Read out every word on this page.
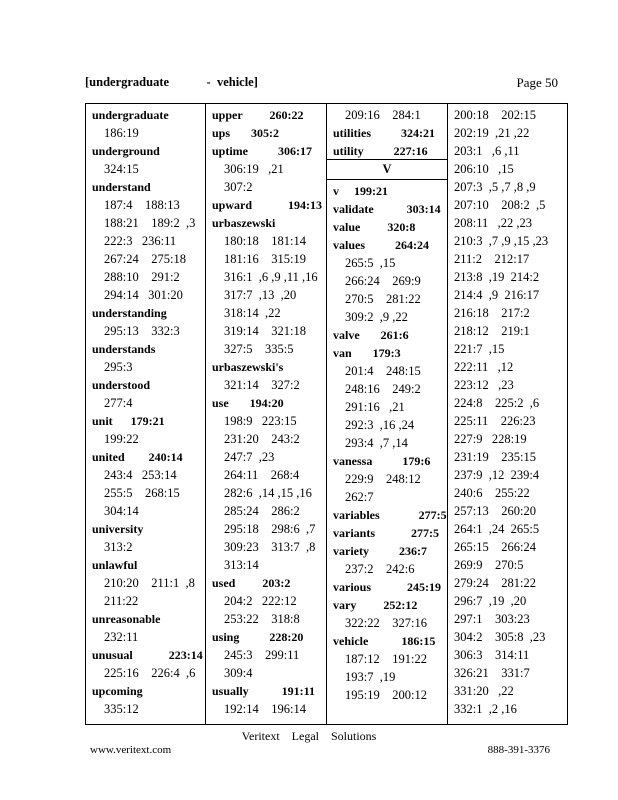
[undergraduate            -  vehicle]	Page 50
undergraduate
186:19
underground
324:15
understand
187:4    188:13
188:21    189:2  ,3
222:3   236:11
267:24    275:18
288:10    291:2
294:14   301:20
understanding
295:13    332:3
understands
295:3
understood
277:4
unit      179:21
199:22
united        240:14
243:4   253:14
255:5    268:15
304:14
university
313:2
unlawful
210:20    211:1  ,8
211:22
unreasonable
232:11
unusual            223:14
225:16    226:4  ,6
upcoming
335:12
upper         260:22
ups       305:2
uptime          306:17
306:19   ,21
307:2
upward            194:13
urbaszewski
180:18    181:14
181:16    315:19
316:1  ,6 ,9 ,11 ,16
317:7  ,13  ,20
318:14  ,22
319:14    321:18
327:5    335:5
urbaszewski's
321:14    327:2
use       194:20
198:9   223:15
231:20    243:2
247:7  ,23
264:11    268:4
282:6  ,14 ,15 ,16
285:24    286:2
295:18    298:6  ,7
309:23    313:7  ,8
313:14
used         203:2
204:2   222:12
253:22    318:8
using          228:20
245:3    299:11
309:4
usually           191:11
192:14    196:14
209:16    284:1
utilities          324:21
utility          227:16
V
v     199:21
validate           303:14
value         320:8
values          264:24
265:5  ,15
266:24    269:9
270:5    281:22
309:2  ,9 ,22
valve       261:6
van       179:3
201:4    248:15
248:16    249:2
291:16   ,21
292:3  ,16 ,24
293:4  ,7 ,14
vanessa          179:6
229:9    248:12
262:7
variables             277:5
variants            277:5
variety          236:7
237:2    242:6
various            245:19
vary         252:12
322:22    327:16
vehicle           186:15
187:12    191:22
193:7  ,19
195:19    200:12
200:18    202:15
202:19  ,21 ,22
203:1   ,6 ,11
206:10   ,15
207:3  ,5 ,7 ,8 ,9
207:10    208:2  ,5
208:11   ,22 ,23
210:3  ,7 ,9 ,15 ,23
211:2    212:17
213:8  ,19  214:2
214:4  ,9  216:17
216:18    217:2
218:12    219:1
221:7  ,15
222:11   ,12
223:12   ,23
224:8    225:2  ,6
225:11    226:23
227:9   228:19
231:19    235:15
237:9  ,12  239:4
240:6    255:22
257:13    260:20
264:1  ,24  265:5
265:15    266:24
269:9    270:5
279:24    281:22
296:7  ,19  ,20
297:1    303:23
304:2    305:8  ,23
306:3    314:11
326:21    331:7
331:20   ,22
332:1  ,2 ,16
Veritext    Legal    Solutions
www.veritext.com	888-391-3376
